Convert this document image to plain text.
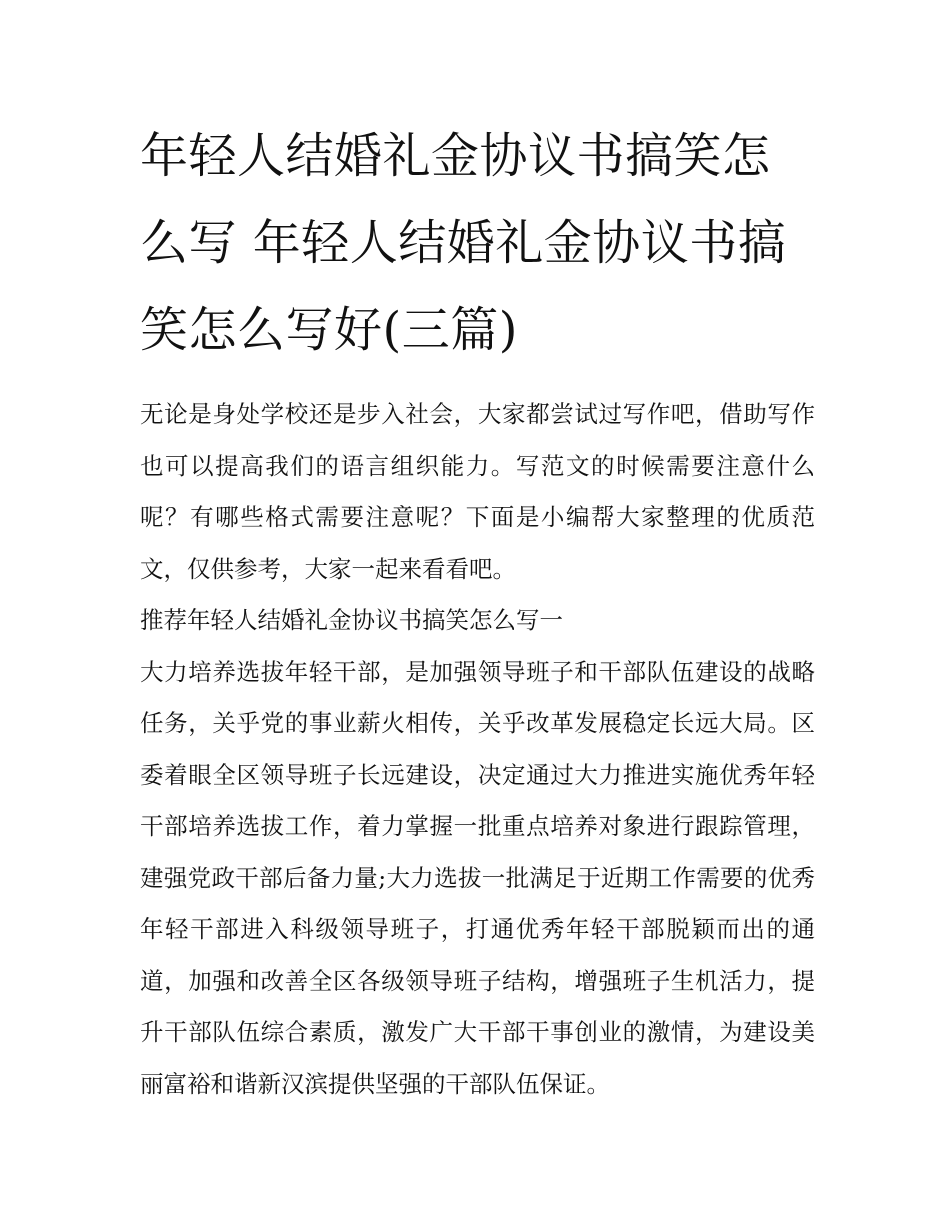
年轻人结婚礼金协议书搞笑怎么写 年轻人结婚礼金协议书搞笑怎么写好(三篇)

无论是身处学校还是步入社会，大家都尝试过写作吧，借助写作也可以提高我们的语言组织能力。写范文的时候需要注意什么呢？有哪些格式需要注意呢？下面是小编帮大家整理的优质范文，仅供参考，大家一起来看看吧。

推荐年轻人结婚礼金协议书搞笑怎么写一

大力培养选拔年轻干部，是加强领导班子和干部队伍建设的战略任务，关乎党的事业薪火相传，关乎改革发展稳定长远大局。区委着眼全区领导班子长远建设，决定通过大力推进实施优秀年轻干部培养选拔工作，着力掌握一批重点培养对象进行跟踪管理，建强党政干部后备力量;大力选拔一批满足于近期工作需要的优秀年轻干部进入科级领导班子，打通优秀年轻干部脱颖而出的通道，加强和改善全区各级领导班子结构，增强班子生机活力，提升干部队伍综合素质，激发广大干部干事创业的激情，为建设美丽富裕和谐新汉滨提供坚强的干部队伍保证。
